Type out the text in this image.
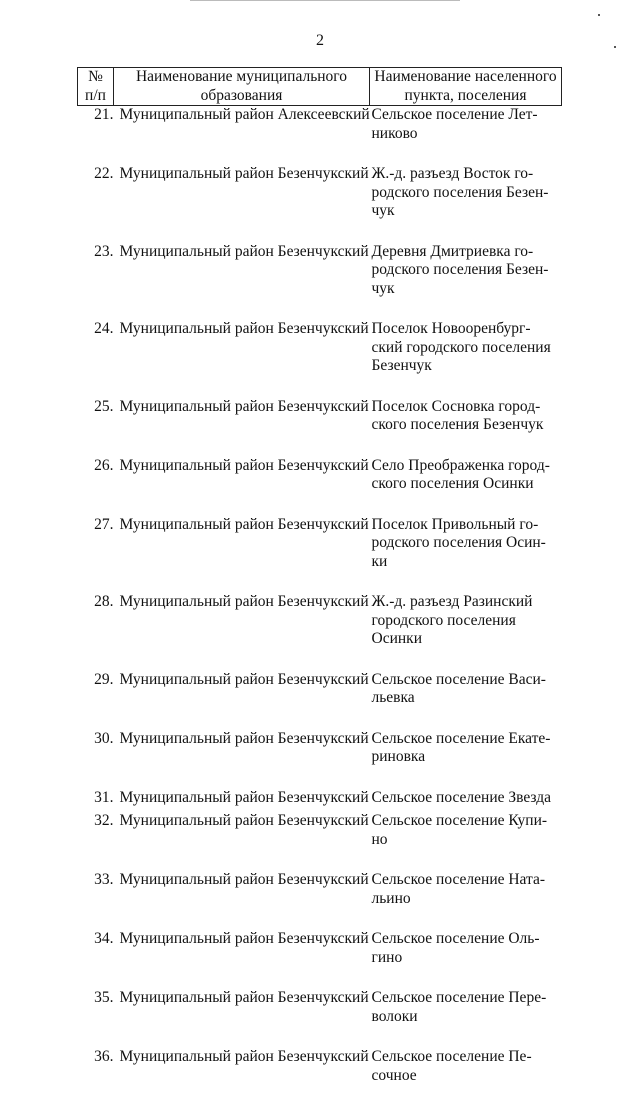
2
№
п/п	Наименование муниципального образования	Наименование населенного пункта, поселения
21.	Муниципальный район Алексеевский	Сельское поселение Лет-никово
22.	Муниципальный район Безенчукский	Ж.-д. разъезд Восток го-родского поселения Безен-чук
23.	Муниципальный район Безенчукский	Деревня Дмитриевка го-родского поселения Безен-чук
24.	Муниципальный район Безенчукский	Поселок Новооренбург-ский городского поселения Безенчук
25.	Муниципальный район Безенчукский	Поселок Сосновка город-ского поселения Безенчук
26.	Муниципальный район Безенчукский	Село Преображенка город-ского поселения Осинки
27.	Муниципальный район Безенчукский	Поселок Привольный го-родского поселения Осин-ки
28.	Муниципальный район Безенчукский	Ж.-д. разъезд Разинский городского поселения Осинки
29.	Муниципальный район Безенчукский	Сельское поселение Васи-льевка
30.	Муниципальный район Безенчукский	Сельское поселение Екате-риновка
31.	Муниципальный район Безенчукский	Сельское поселение Звезда
32.	Муниципальный район Безенчукский	Сельское поселение Купи-но
33.	Муниципальный район Безенчукский	Сельское поселение Ната-льино
34.	Муниципальный район Безенчукский	Сельское поселение Оль-гино
35.	Муниципальный район Безенчукский	Сельское поселение Пере-волоки
36.	Муниципальный район Безенчукский	Сельское поселение Пе-сочное
